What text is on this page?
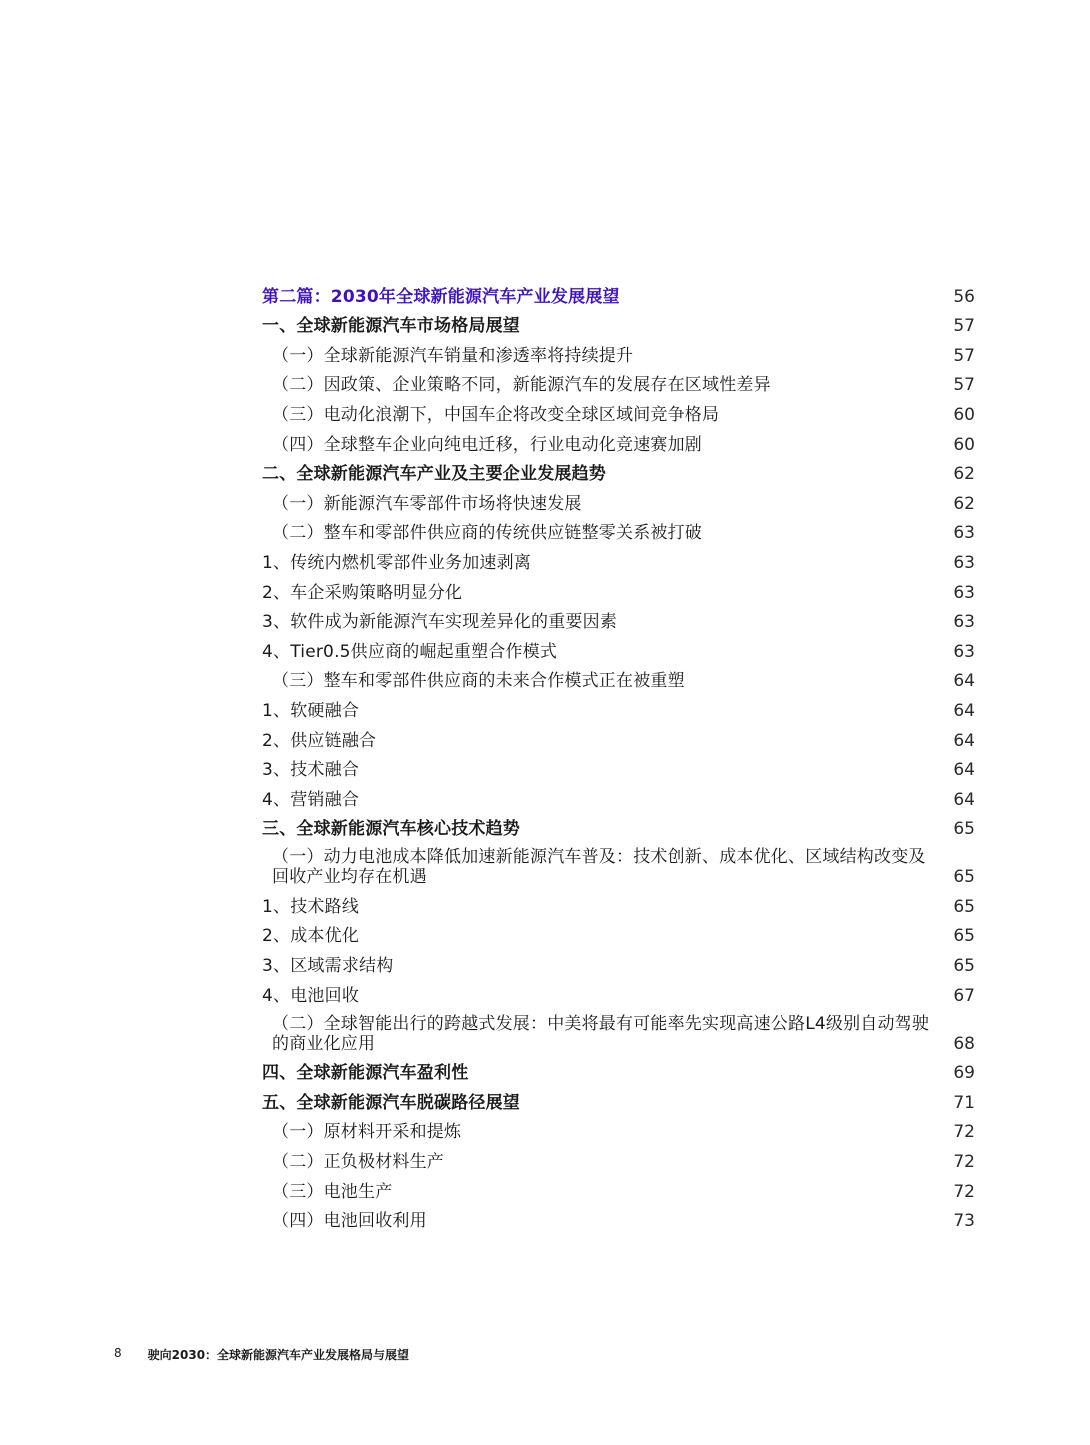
第二篇：2030年全球新能源汽车产业发展展望	56
一、全球新能源汽车市场格局展望	57
（一）全球新能源汽车销量和渗透率将持续提升	57
（二）因政策、企业策略不同，新能源汽车的发展存在区域性差异	57
（三）电动化浪潮下，中国车企将改变全球区域间竞争格局	60
（四）全球整车企业向纯电迁移，行业电动化竞速赛加剧	60
二、全球新能源汽车产业及主要企业发展趋势	62
（一）新能源汽车零部件市场将快速发展	62
（二）整车和零部件供应商的传统供应链整零关系被打破	63
1、传统内燃机零部件业务加速剥离	63
2、车企采购策略明显分化	63
3、软件成为新能源汽车实现差异化的重要因素	63
4、Tier0.5供应商的崛起重塑合作模式	63
（三）整车和零部件供应商的未来合作模式正在被重塑	64
1、软硬融合	64
2、供应链融合	64
3、技术融合	64
4、营销融合	64
三、全球新能源汽车核心技术趋势	65
（一）动力电池成本降低加速新能源汽车普及：技术创新、成本优化、区域结构改变及回收产业均存在机遇	65
1、技术路线	65
2、成本优化	65
3、区域需求结构	65
4、电池回收	67
（二）全球智能出行的跨越式发展：中美将最有可能率先实现高速公路L4级别自动驾驶的商业化应用	68
四、全球新能源汽车盈利性	69
五、全球新能源汽车脱碳路径展望	71
（一）原材料开采和提炼	72
（二）正负极材料生产	72
（三）电池生产	72
（四）电池回收利用	73
8 驶向2030：全球新能源汽车产业发展格局与展望
